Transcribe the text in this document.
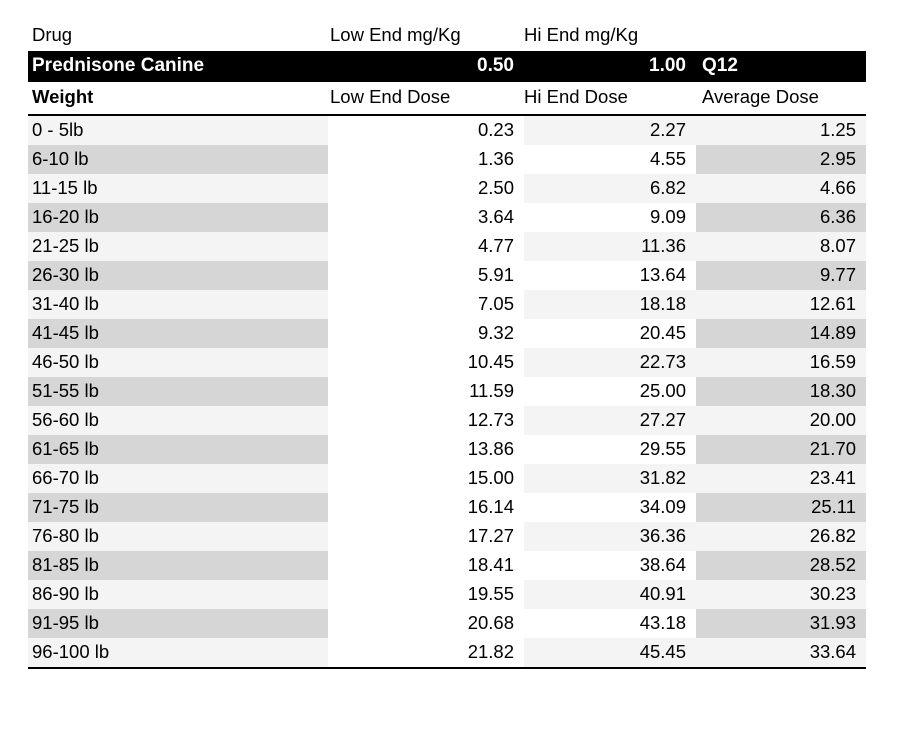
Drug	Low End mg/Kg	Hi End mg/Kg	
Prednisone Canine	0.50	1.00	Q12
Weight	Low End Dose	Hi End Dose	Average Dose
0 - 5lb	0.23	2.27	1.25
6-10 lb	1.36	4.55	2.95
11-15 lb	2.50	6.82	4.66
16-20 lb	3.64	9.09	6.36
21-25 lb	4.77	11.36	8.07
26-30 lb	5.91	13.64	9.77
31-40 lb	7.05	18.18	12.61
41-45 lb	9.32	20.45	14.89
46-50 lb	10.45	22.73	16.59
51-55 lb	11.59	25.00	18.30
56-60 lb	12.73	27.27	20.00
61-65 lb	13.86	29.55	21.70
66-70 lb	15.00	31.82	23.41
71-75 lb	16.14	34.09	25.11
76-80 lb	17.27	36.36	26.82
81-85 lb	18.41	38.64	28.52
86-90 lb	19.55	40.91	30.23
91-95 lb	20.68	43.18	31.93
96-100 lb	21.82	45.45	33.64
